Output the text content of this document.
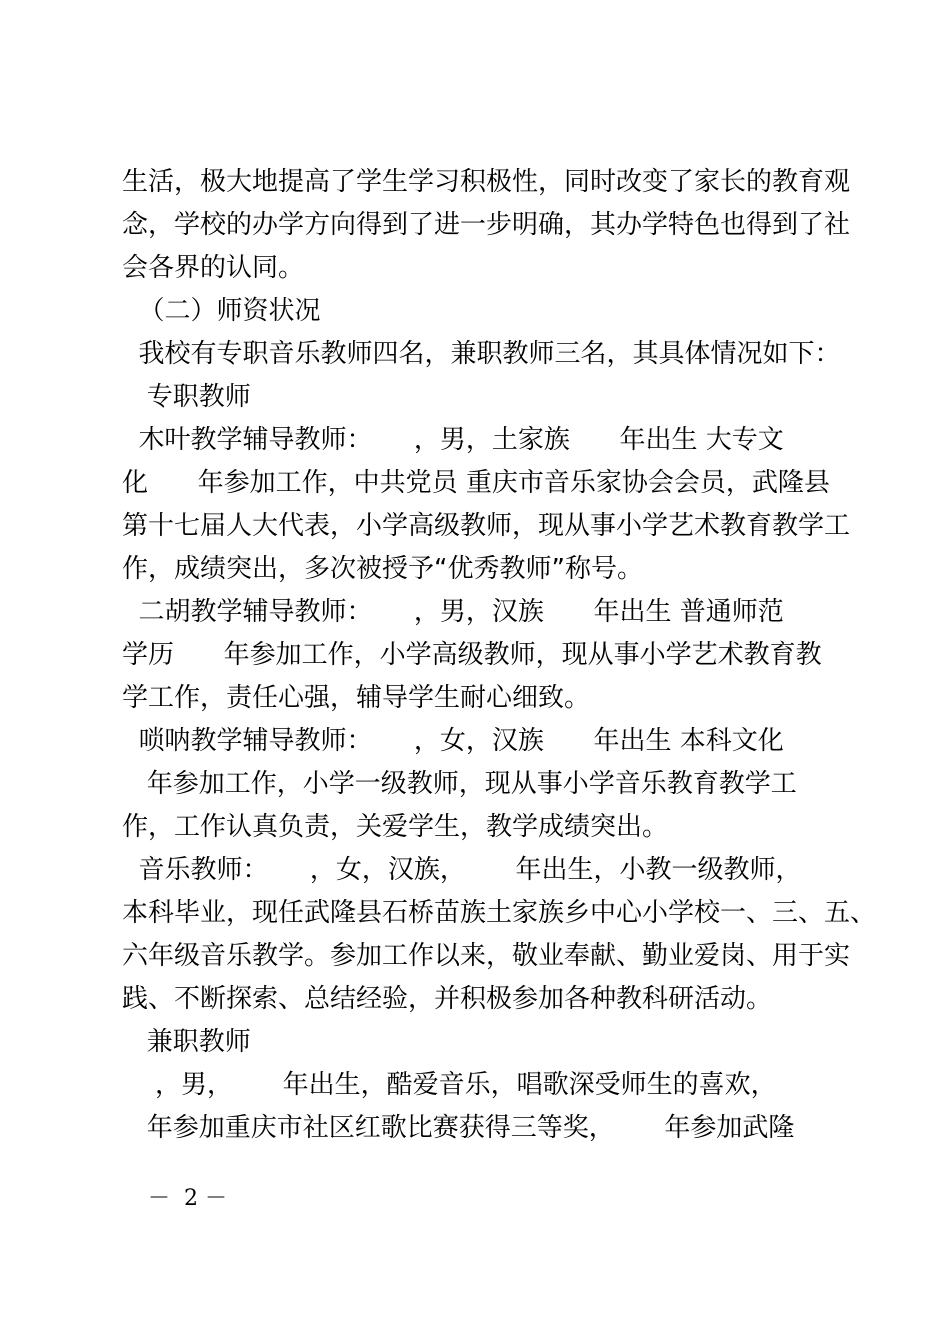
生活，极大地提高了学生学习积极性，同时改变了家长的教育观

念，学校的办学方向得到了进一步明确，其办学特色也得到了社

会各界的认同。

（二）师资状况

我校有专职音乐教师四名，兼职教师三名，其具体情况如下：

专职教师

木叶教学辅导教师：     ，男，土家族      年出生 大专文

化      年参加工作，中共党员 重庆市音乐家协会会员，武隆县

第十七届人大代表，小学高级教师，现从事小学艺术教育教学工

作，成绩突出，多次被授予“优秀教师”称号。

二胡教学辅导教师：     ，男，汉族      年出生 普通师范

学历      年参加工作，小学高级教师，现从事小学艺术教育教

学工作，责任心强，辅导学生耐心细致。

唢呐教学辅导教师：     ，女，汉族      年出生 本科文化

年参加工作，小学一级教师，现从事小学音乐教育教学工

作，工作认真负责，关爱学生，教学成绩突出。

音乐教师：     ，女，汉族，      年出生，小教一级教师，

本科毕业，现任武隆县石桥苗族土家族乡中心小学校一、三、五、

六年级音乐教学。参加工作以来，敬业奉献、勤业爱岗、用于实

践、不断探索、总结经验，并积极参加各种教科研活动。

兼职教师

，男，      年出生，酷爱音乐，唱歌深受师生的喜欢，

年参加重庆市社区红歌比赛获得三等奖，      年参加武隆

－  2 －
